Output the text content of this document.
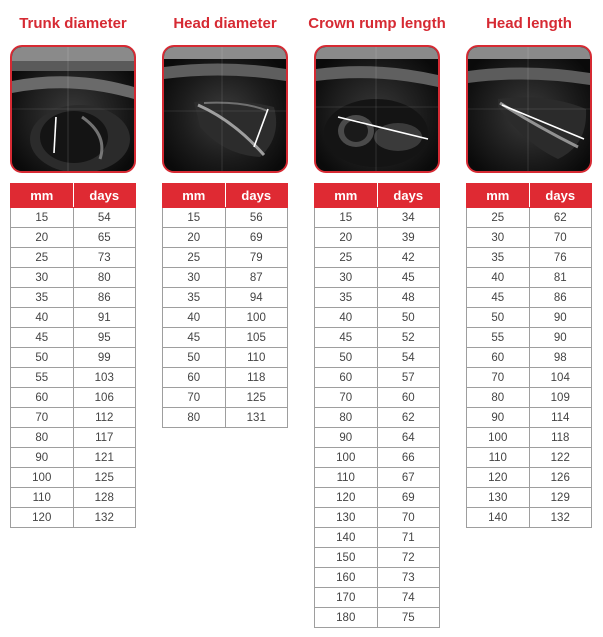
Trunk diameter
mm	days
15	54
20	65
25	73
30	80
35	86
40	91
45	95
50	99
55	103
60	106
70	112
80	117
90	121
100	125
110	128
120	132
Head diameter
mm	days
15	56
20	69
25	79
30	87
35	94
40	100
45	105
50	110
60	118
70	125
80	131
Crown rump length
mm	days
15	34
20	39
25	42
30	45
35	48
40	50
45	52
50	54
60	57
70	60
80	62
90	64
100	66
110	67
120	69
130	70
140	71
150	72
160	73
170	74
180	75
Head length
mm	days
25	62
30	70
35	76
40	81
45	86
50	90
55	90
60	98
70	104
80	109
90	114
100	118
110	122
120	126
130	129
140	132
